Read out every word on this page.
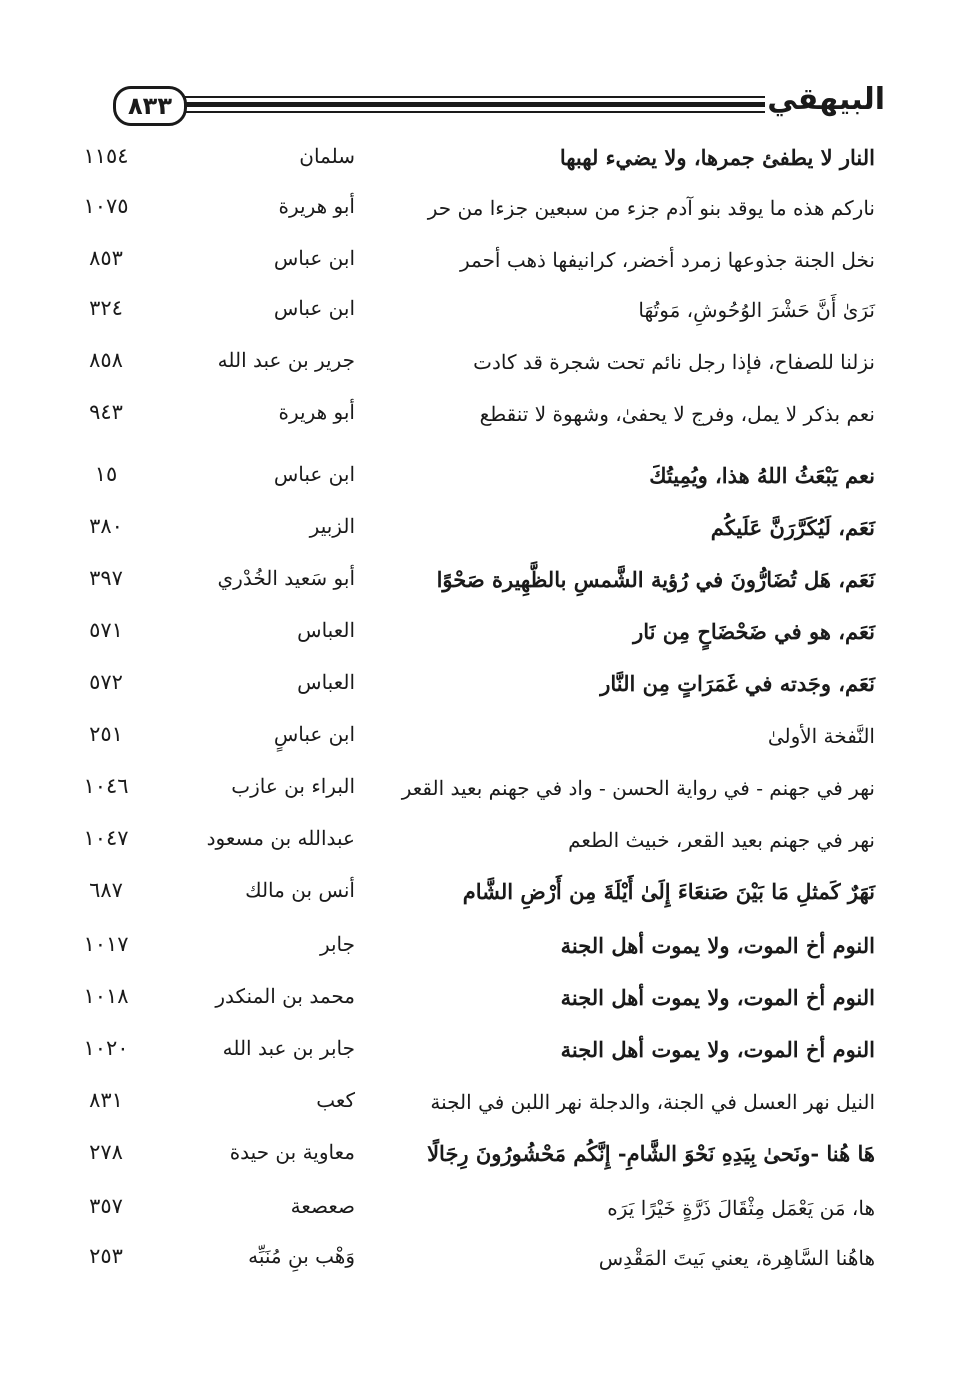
٨٣٣	البيهقي
النار لا يطفئ جمرها، ولا يضيء لهبها
سلمان
١١٥٤
ناركم هذه ما يوقد بنو آدم جزء من سبعين جزءا من حر
أبو هريرة
١٠٧٥
نخل الجنة جذوعها زمرد أخضر، كرانيفها ذهب أحمر
ابن عباس
٨٥٣
نَرَىٰ أَنَّ حَشْرَ الوُحُوشِ، مَوتُهَا
ابن عباس
٣٢٤
نزلنا للصفاح، فإذا رجل نائم تحت شجرة قد كادت
جرير بن عبد الله
٨٥٨
نعم بذكر لا يمل، وفرج لا يحفىٰ، وشهوة لا تنقطع
أبو هريرة
٩٤٣
نعم يَبْعَثُ اللهُ هذا، ويُمِيتُكَ
ابن عباس
١٥
نَعَم، لَيُكَرَّرَنَّ عَلَيكُم
الزبير
٣٨٠
نَعَم، هَل تُضَارُّونَ في رُؤية الشَّمسِ بالظَّهِيرة صَحْوًا
أبو سَعيد الخُدْري
٣٩٧
نَعَم، هو في ضَحْضَاحٍ مِن نَار
العباس
٥٧١
نَعَم، وجَدته في غَمَرَاتٍ مِن النَّار
العباس
٥٧٢
النَّفخة الأولىٰ
ابن عباسٍ
٢٥١
نهر في جهنم - في رواية الحسن - واد في جهنم بعيد القعر
البراء بن عازب
١٠٤٦
نهر في جهنم بعيد القعر، خبيث الطعم
عبدالله بن مسعود
١٠٤٧
نَهَرٌ كَمثلِ مَا بَيْنَ صَنعَاءَ إِلَىٰ أَيْلَةَ مِن أَرْضِ الشَّام
أنس بن مالك
٦٨٧
النوم أخ الموت، ولا يموت أهل الجنة
جابر
١٠١٧
النوم أخ الموت، ولا يموت أهل الجنة
محمد بن المنكدر
١٠١٨
النوم أخ الموت، ولا يموت أهل الجنة
جابر بن عبد الله
١٠٢٠
النيل نهر العسل في الجنة، والدجلة نهر اللبن في الجنة
كعب
٨٣١
هَا هُنا -ونَحىٰ بِيَدِهِ نَحْوَ الشَّامِ- إِنَّكُم مَحْشُورُونَ رِجَالًا
معاوية بن حيدة
٢٧٨
ها، مَن يَعْمَل مِثْقَالَ ذَرَّةٍ خَيْرًا يَرَه
صعصعة
٣٥٧
هاهُنا السَّاهِرة، يعني بَيتَ المَقْدِس
وَهْب بنِ مُنَبِّه
٢٥٣
